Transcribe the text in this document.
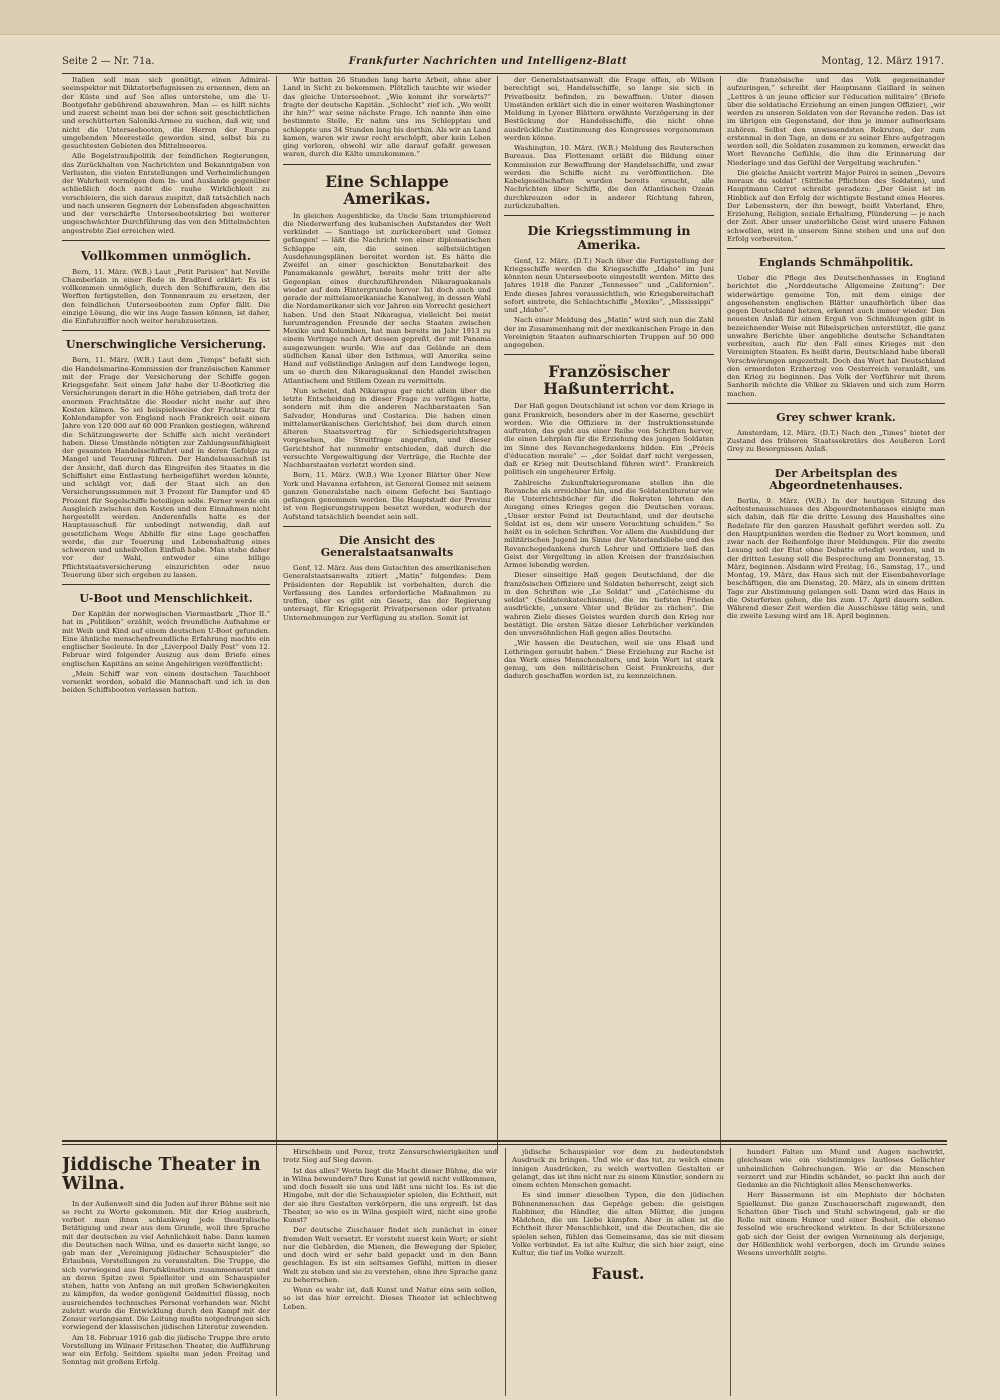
Seite 2 — Nr. 71a.	Frankfurter Nachrichten und Intelligenz-Blatt	Montag, 12. März 1917.

Italien soll man sich genötigt, einen Admiral-seeinspektor mit Diktatorbefugnissen zu ernennen, dem an der Küste und auf See alles unterstehe, um die U-Bootgefahr gebührend abzuwehren. Man — es hilft nichts und zuerst scheint man bei der schon seit geschichtlichen und erschütterten Saloniki-Armee zu suchen, daß wir, und nicht die Unterseebooten, die Herren der Europa umgebenden Meeresteile geworden sind, selbst bis zu gesuchtesten Gebieten des Mittelmeeres.

Alle Bogelstraußpolitik der feindlichen Regierungen, das Zurückhalten von Nachrichten und Bekanntgaben von Verlusten, die vielen Entstellungen und Verheimlichungen der Wahrheit vermögen dem In- und Auslande gegenüber schließlich doch nicht die rauhe Wirklichkeit zu verschleiern, die sich daraus zuspitzt, daß tatsächlich nach und nach unseren Gegnern der Lebensfaden abgeschnitten und der verschärfte Unterseebootskrieg bei weiterer ungeschwächter Durchführung das von den Mittelmächten angestrebte Ziel erreichen wird.

Vollkommen unmöglich.

Bern, 11. März. (W.B.) Laut „Petit Parisien“ hat Neville Chamberlain in einer Rede in Bradford erklärt: Es ist vollkommen unmöglich, durch den Schiffsraum, den die Werften fertigstellen, den Tonnenraum zu ersetzen, der den feindlichen Unterseebooten zum Opfer fällt. Die einzige Lösung, die wir ins Auge fassen können, ist daher, die Einfuhrziffer noch weiter herabzusetzen.

Unerschwingliche Versicherung.

Bern, 11. März. (W.B.) Laut dem „Temps“ befaßt sich die Handelsmarine-Kommission der französischen Kammer mit der Frage der Versicherung der Schiffe gegen Kriegsgefahr. Seit einem Jahr habe der U-Bootkrieg die Versicherungen derart in die Höhe getrieben, daß trotz der enormen Frachtsätze die Reeder nicht mehr auf ihre Kosten kämen. So sei beispielsweise der Frachtsatz für Kohlendampfer von England nach Frankreich seit einem Jahre von 120 000 auf 60 000 Franken gestiegen, während die Schätzungswerte der Schiffe sich nicht verändert haben. Diese Umstände nötigten zur Zahlungsunfähigkeit der gesamten Handelsschiffahrt und in deren Gefolge zu Mangel und Teuerung führen. Der Handelsausschuß ist der Ansicht, daß durch das Eingreifen des Staates in die Schiffahrt eine Entlastung herbeigeführt werden könnte, und schlägt vor, daß der Staat sich an den Versicherungssummen mit 3 Prozent für Dampfer und 45 Prozent für Segelschiffe beteiligen solle. Ferner werde ein Ausgleich zwischen den Kosten und den Einnahmen nicht hergestellt werden. Anderenfalls halte es der Hauptausschuß für unbedingt notwendig, daß auf gesetzlichem Wege Abhilfe für eine Lage geschaffen werde, die zur Teuerung und Lebenshaltung eines schweren und unheilvollen Einfluß habe. Man stehe daher vor der Wahl, entweder eine billige Pflichtstaatsversicherung einzurichten oder neue Teuerung über sich ergehen zu lassen.

U-Boot und Menschlichkeit.

Der Kapitän der norwegischen Viermastbark „Thor II.“ hat in „Politiken“ erzählt, welch freundliche Aufnahme er mit Weib und Kind auf einem deutschen U-Boot gefunden. Eine ähnliche menschenfreundliche Erfahrung machte ein englischer Seeleute. In der „Liverpool Daily Post“ vom 12. Februar wird folgender Auszug aus dem Briefe eines englischen Kapitäns an seine Angehörigen veröffentlicht:

„Mein Schiff war von einem deutschen Tauchboot versenkt worden, sobald die Mannschaft und ich in den beiden Schiffsbooten verlassen hatten.

Wir hatten 26 Stunden lang harte Arbeit, ohne aber Land in Sicht zu bekommen. Plötzlich tauchte wir wieder das gleiche Unterseeboot. „Wie kommt ihr vorwärts?“ fragte der deutsche Kapitän. „Schlecht“ rief ich. „Wo wollt ihr hin?“ war seine nächste Frage. Ich nannte ihm eine bestimmte Stelle. Er nahm uns ins Schlepptau und schleppte uns 34 Stunden lang bis dorthin. Als wir an Land kamen, waren wir zwar recht erschöpft, aber kein Leben ging verloren, obwohl wir alle darauf gefaßt gewesen waren, durch die Kälte umzukommen.“

Eine Schlappe Amerikas.

In gleichen Augenblicke, da Uncle Sam triumphierend die Niederwerfung des kubanischen Aufstandes der Welt verkündet — Santiago ist zurückerobert und Gomez gefangen! — läßt die Nachricht von einer diplomatischen Schlappe ein, die seinen selbstsüchtigen Ausdehnungsplänen bereitet worden ist. Es hätte die Zweifel an einer geschickten Benutzbarkeit des Panamakanals gewährt, bereits mehr tritt der alte Gegenplan eines durchzuführenden Nikaraguakanals wieder auf dem Hintergrunde hervor. Ist doch auch und gerade der mittelamerikanische Kanalweg, in dessen Wahl die Nordamerikaner sich vor Jahren ein Vorrecht gesichert haben. Und den Staat Nikaragua, vielleicht bei meist herumtragenden Freunde der sechs Staaten zwischen Mexiko und Kolumbien, hat man bereits im Jahr 1913 zu einem Vertrage nach Art dessen gepreßt, der mit Panama ausgezwungen wurde. Wie auf das Gelände an dem südlichen Kanal über den Isthmus, will Amerika seine Hand auf vollständige Anlagen auf dem Landwege legen, um so durch den Nikaraguakanal den Handel zwischen Atlantischem und Stillem Ozean zu vermitteln.

Nun scheint, daß Nikaragua gar nicht allein über die letzte Entscheidung in dieser Frage zu verfügen hatte, sondern mit ihm die anderen Nachbarstaaten San Salvador, Honduras und Costarica. Die haben einen mittelamerikanischen Gerichtshof, bei dem durch einen älteren Staatsvertrag für Schiedsgerichtsfragen vorgesehen, die Streitfrage angerufen, und dieser Gerichtshof hat nunmehr entschieden, daß durch die versuchte Vergewaltigung der Verträge, die Rechte der Nachbarstaaten verletzt worden sind.

Bern, 11. März. (W.B.) Wie Lyoner Blätter über New York und Havanna erfahren, ist General Gomez mit seinem ganzen Generalstabe nach einem Gefecht bei Santiago gefangen genommen worden. Die Hauptstadt der Provinz ist von Regierungstruppen besetzt worden, wodurch der Aufstand tatsächlich beendet sein soll.

Die Ansicht des Generalstaatsanwalts

Genf, 12. März. Aus dem Gutachten des amerikanischen Generalstaatsanwalts zitiert „Matin“ folgendes: Dem Präsidenten der Republik ist vorbehalten, durch die Verfassung des Landes erforderliche Maßnahmen zu treffen, über es gibt ein Gesetz, das der Regierung untersagt, für Kriegsgerät Privatpersonen oder privaten Unternehmungen zur Verfügung zu stellen. Somit ist

der Generalstaatsanwalt die Frage offen, ob Wilson berechtigt sei, Handelsschiffe, so lange sie sich in Privatbesitz befinden, zu bewaffnen. Unter diesen Umständen erklärt sich die in einer weiteren Washingtoner Meldung in Lyoner Blättern erwähnte Verzögerung in der Bestückung der Handelsschiffe, die nicht ohne ausdrückliche Zustimmung des Kongresses vorgenommen werden könne.

Washington, 10. März. (W.B.) Meldung des Reuterschen Bureaus. Das Flottenamt erläßt die Bildung einer Kommission zur Bewaffnung der Handelsschiffe, und zwar werden die Schiffe nicht zu veröffentlichen. Die Kabelgesellschaften wurden bereits ersucht, alle Nachrichten über Schiffe, die den Atlantischen Ozean durchkreuzen oder in anderer Richtung fahren, zurückzuhalten.

Die Kriegsstimmung in Amerika.

Genf, 12. März. (D.T.) Nach über die Fertigstellung der Kriegsschiffe werden die Kriegsschiffe „Idaho“ im Juni könnten neun Unterseeboote eingestellt werden. Mitte des Jahres 1918 die Panzer „Tennessee“ und „Californien“. Ende dieses Jahres voraussichtlich, wie Kriegsbereitschaft sofort eintrete, die Schlachtschiffe „Mexiko“, „Mississippi“ und „Idaho“.

Nach einer Meldung des „Matin“ wird sich nun die Zahl der im Zusammenhang mit der mexikanischen Frage in den Vereinigten Staaten aufmarschierten Truppen auf 50 000 angegeben.

Französischer Haßunterricht.

Der Haß gegen Deutschland ist schon vor dem Kriege in ganz Frankreich, besonders aber in der Kaserne, geschürt worden. Wie die Offiziere in der Instruktionsstunde auftraten, das geht aus einer Reihe von Schriften hervor, die einen Lehrplan für die Erziehung des jungen Soldaten im Sinne des Revanchegedankens bilden. Ein „Précis d'éducation morale“ — „der Soldat darf nicht vergessen, daß er Krieg mit Deutschland führen wird“. Frankreich politisch ein ungeheurer Erfolg.

Zahlreiche Zukunftskriegsromane stellen ihn die Revanche als erreichbar hin, und die Soldatenliteratur wie die Unterrichtsbücher für die Rekruten lehrten den Ausgang eines Krieges gegen die Deutschen voraus. „Unser erster Feind ist Deutschland, und der deutsche Soldat ist es, dem wir unsere Verachtung schulden.“ So heißt es in solchen Schriften. Vor allem die Ausbildung der militärischen Jugend im Sinne der Vaterlandsliebe und des Revanchegedankens durch Lehrer und Offiziere ließ den Geist der Vergeltung in allen Kreisen der französischen Armee lebendig werden.

Dieser einseitige Haß gegen Deutschland, der die französischen Offiziere und Soldaten beherrscht, zeigt sich in den Schriften wie „Le Soldat“ und „Catéchisme du soldat“ (Soldatenkatechismus), die im tiefsten Frieden ausdrückte, „unsere Väter und Brüder zu rächen“. Die wahren Ziele dieses Geistes wurden durch den Krieg nur bestätigt. Die ersten Sätze dieser Lehrbücher verkünden den unversöhnlichen Haß gegen alles Deutsche.

„Wir hassen die Deutschen, weil sie uns Elsaß und Lothringen geraubt haben.“ Diese Erziehung zur Rache ist das Werk eines Menschenalters, und kein Wort ist stark genug, um den militärischen Geist Frankreichs, der dadurch geschaffen worden ist, zu kennzeichnen.

die französische und das Volk gegeneinander aufzuringen,“ schreibt der Hauptmann Gaillard in seinen „Lettres à un jeune officier sur l'éducation militaire“ (Briefe über die soldatische Erziehung an einen jungen Offizier), „wir werden zu unseren Soldaten von der Revanche reden. Das ist im übrigen ein Gegenstand, der ihm je immer aufmerksam zuhören. Selbst den unwissendsten Rekruten, der zum erstenmal in den Tage, an dem er zu seiner Ehre aufgetragen werden soll, die Soldaten zusammen zu kommen, erweckt das Wort Revanche Gefühle, die ihm die Erinnerung der Niederlage und das Gefühl der Vergeltung wachrufen.“

Die gleiche Ansicht vertritt Major Poiroi in seinen „Devoirs moraux du soldat“ (Sittliche Pflichten des Soldaten), und Hauptmann Carrot schreibt geradezu: „Der Geist ist im Hinblick auf den Erfolg der wichtigste Bestand eines Heeres. Der Lebensstern, der ihn bewegt, heißt Vaterland, Ehre, Erziehung, Religion, soziale Erhaltung, Plünderung — je nach der Zeit. Aber unser unsterbliche Geist wird unsere Fahnen schwellen, wird in unserem Sinne stehen und uns auf den Erfolg vorbereiten.“

Englands Schmähpolitik.

Ueber die Pflege des Deutschenhasses in England berichtet die „Norddeutsche Allgemeine Zeitung“: Der widerwärtige gemeine Ton, mit dem einige der angesehensten englischen Blätter unaufhörlich über das gegen Deutschland hetzen, erkennt auch immer wieder. Den neuesten Anlaß für einen Erguß von Schmähungen gibt in bezeichnender Weise mit Bibelsprüchen unterstützt, die ganz unwahre Berichte über angebliche deutsche Schandtaten verbreiten, auch für den Fall eines Krieges mit den Vereinigten Staaten. Es heißt darin, Deutschland habe überall Verschwörungen angezettelt. Doch das Wort hat Deutschland den ermordeten Erzherzog von Oesterreich veranlaßt, um den Krieg zu beginnen. Das Volk der Verführer mit ihrem Sanherib möchte die Völker zu Sklaven und sich zum Herrn machen.

Grey schwer krank.

Amsterdam, 12. März. (D.T.) Nach den „Times“ bietet der Zustand des früheren Staatssekretärs des Aeußeren Lord Grey zu Besorgnissen Anlaß.

Der Arbeitsplan des Abgeordnetenhauses.

Berlin, 9. März. (W.B.) In der heutigen Sitzung des Aeltestenausschusses des Abgeordnetenhauses einigte man sich dahin, daß für die dritte Lesung des Haushaltes eine Redeliste für den ganzen Haushalt geführt werden soll. Zu den Hauptpunkten werden die Redner zu Wort kommen, und zwar nach der Reihenfolge ihrer Meldungen. Für die zweite Lesung soll der Etat ohne Debatte erledigt werden, und in der dritten Lesung soll die Besprechung am Donnerstag, 15. März, beginnen. Alsdann wird Freitag, 16., Samstag, 17., und Montag, 19. März, das Haus sich mit der Eisenbahnvorlage beschäftigen, die am Dienstag, 20. März, als in einem dritten Tage zur Abstimmung gelangen soll. Dann wird das Haus in die Osterferien gehen, die bis zum 17. April dauern sollen. Während dieser Zeit werden die Ausschüsse tätig sein, und die zweite Lesung wird am 18. April beginnen.

Jiddische Theater in Wilna.

In der Außenwelt sind die Juden auf ihrer Bühne seit nie so recht zu Worte gekommen. Mit der Krieg ausbrach, verbot man ihnen schlankweg jede theatralische Betätigung und zwar aus dem Grunde, weil ihre Sprache mit der deutschen zu viel Aehnlichkeit habe. Dann kamen die Deutschen nach Wilna, und es dauerte nicht lange, so gab man der „Vereinigung jüdischer Schauspieler“ die Erlaubnis, Vorstellungen zu veranstalten. Die Truppe, die sich vorwiegend aus Berufskünstlern zusammensetzt und an deren Spitze zwei Spielleiter und ein Schauspieler stehen, hatte von Anfang an mit großen Schwierigkeiten zu kämpfen, da weder genügend Geldmittel flüssig, noch ausreichendes technisches Personal vorhanden war. Nicht zuletzt wurde die Entwicklung durch den Kampf mit der Zensur verlangsamt. Die Leitung mußte notgedrungen sich vorwiegend der klassischen jüdischen Literatur zuwenden.

Am 18. Februar 1916 gab die jüdische Truppe ihre erste Vorstellung im Wilnaer Fritzschen Theater, die Aufführung war ein Erfolg. Seitdem spielte man jeden Freitag und Sonntag mit großem Erfolg.

Hirschbein und Perez, trotz Zensurschwierigkeiten und trotz Sieg auf Sieg davon.

Ist das alles? Worin liegt die Macht dieser Bühne, die wir in Wilna bewundern? Ihre Kunst ist gewiß nicht vollkommen, und doch fesselt sie uns und läßt uns nicht los. Es ist die Hingabe, mit der die Schauspieler spielen, die Echtheit, mit der sie ihre Gestalten verkörpern, die uns ergreift. Ist das Theater, so wie es in Wilna gespielt wird, nicht eine große Kunst?

Der deutsche Zuschauer findet sich zunächst in einer fremden Welt versetzt. Er versteht zuerst kein Wort; er sieht nur die Gebärden, die Mienen, die Bewegung der Spieler, und doch wird er sehr bald gepackt und in den Bann geschlagen. Es ist ein seltsames Gefühl, mitten in dieser Welt zu stehen und sie zu verstehen, ohne ihre Sprache ganz zu beherrschen.

Wenn es wahr ist, daß Kunst und Natur eins sein sollen, so ist das hier erreicht. Dieses Theater ist schlechtweg Leben.

jüdische Schauspieler vor dem zu bedeutendsten Ausdruck zu bringen. Und wie er das tut, zu welch einem innigen Ausdrücken, zu welch wertvollen Gestalten er gelangt, das ist ihm nicht nur zu einem Künstler, sondern zu einem echten Menschen gemacht.

Es sind immer dieselben Typen, die den jüdischen Bühnenmenschen das Gepräge geben: die geistigen Rabbiner, die Händler, die alten Mütter, die jungen Mädchen, die um Liebe kämpfen. Aber in allen ist die Echtheit ihrer Menschlichkeit, und die Deutschen, die sie spielen sehen, fühlen das Gemeinsame, das sie mit diesem Volke verbindet. Es ist alte Kultur, die sich hier zeigt, eine Kultur, die tief im Volke wurzelt.

Faust.

hundert Falten um Mund und Augen nachwirkt, gleichsam wie ein vielstimmiges lautloses Gelächter unheimlichen Gebrechungen. Wie er die Menschen verzerrt und zur Hindin schändet, so packt ihn auch der Gedanke an die Nichtigkeit alles Menschenwerks.

Herr Bassermann ist ein Mephisto der höchsten Spielkunst. Die ganze Zuschauerschaft zugewandt, den Schatten über Tisch und Stuhl schwingend, gab er die Rolle mit einem Humor und einer Bosheit, die ebenso fesselnd wie erschreckend wirkten. In der Schülerszene gab sich der Geist der ewigen Verneinung als derjenige, der Höllenblick wohl verborgen, doch im Grunde seines Wesens unverhüllt zeigte.
